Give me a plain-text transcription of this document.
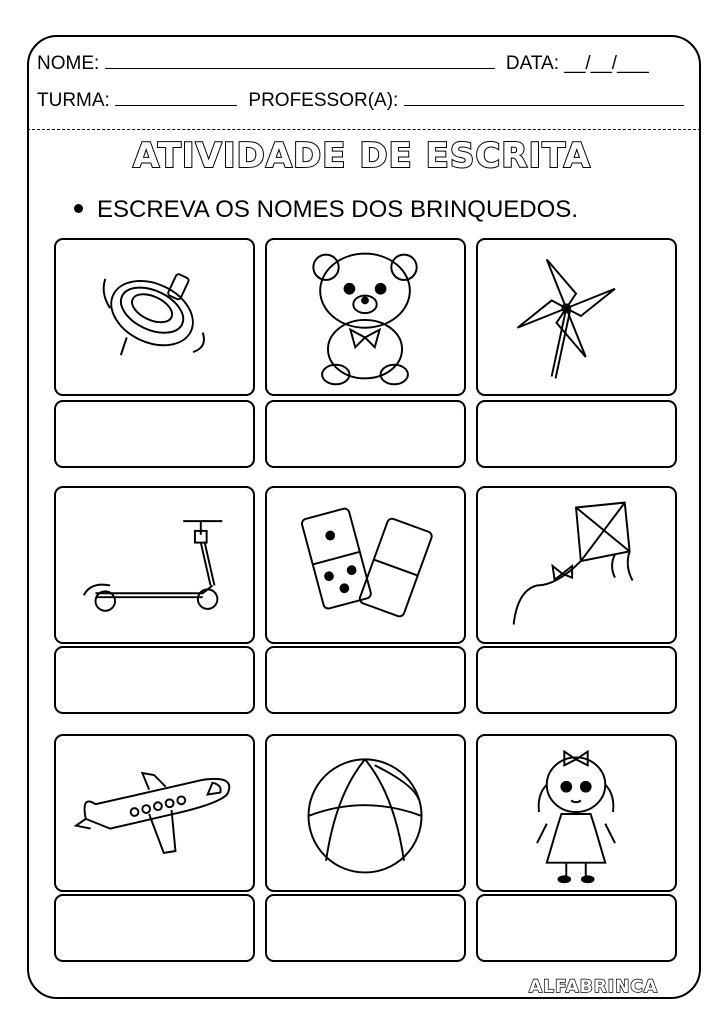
NOME:	DATA: __/__/___
TURMA:	PROFESSOR(A):
ATIVIDADE DE ESCRITA
ESCREVA OS NOMES DOS BRINQUEDOS.
ALFABRINCA
